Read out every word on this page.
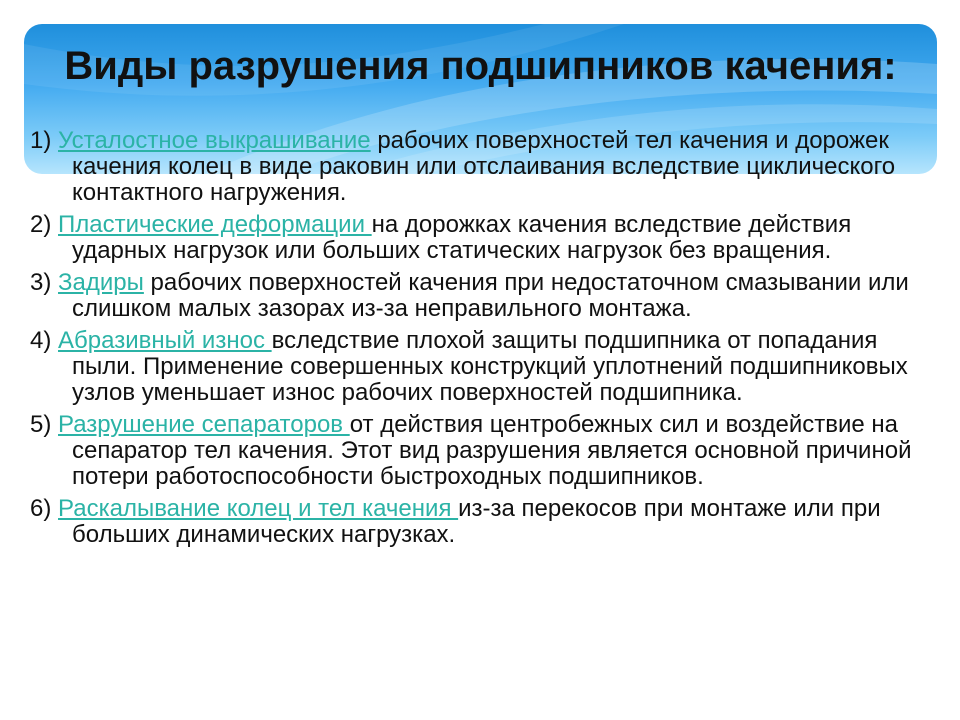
Виды разрушения подшипников качения:

1) Усталостное выкрашивание рабочих поверхностей тел качения и дорожек качения колец в виде раковин или отслаивания вследствие циклического контактного нагружения.

2) Пластические деформации на дорожках качения вследствие действия ударных нагрузок или больших статических нагрузок без вращения.

3) Задиры рабочих поверхностей качения при недостаточном смазывании или слишком малых зазорах из-за неправильного монтажа.

4) Абразивный износ вследствие плохой защиты подшипника от попадания пыли. Применение совершенных конструкций уплотнений подшипниковых узлов уменьшает износ рабочих поверхностей подшипника.

5) Разрушение сепараторов от действия центробежных сил и воздействие на сепаратор тел качения. Этот вид разрушения является основной причиной потери работоспособности быстроходных подшипников.

6) Раскалывание колец и тел качения из-за перекосов при монтаже или при больших динамических нагрузках.
